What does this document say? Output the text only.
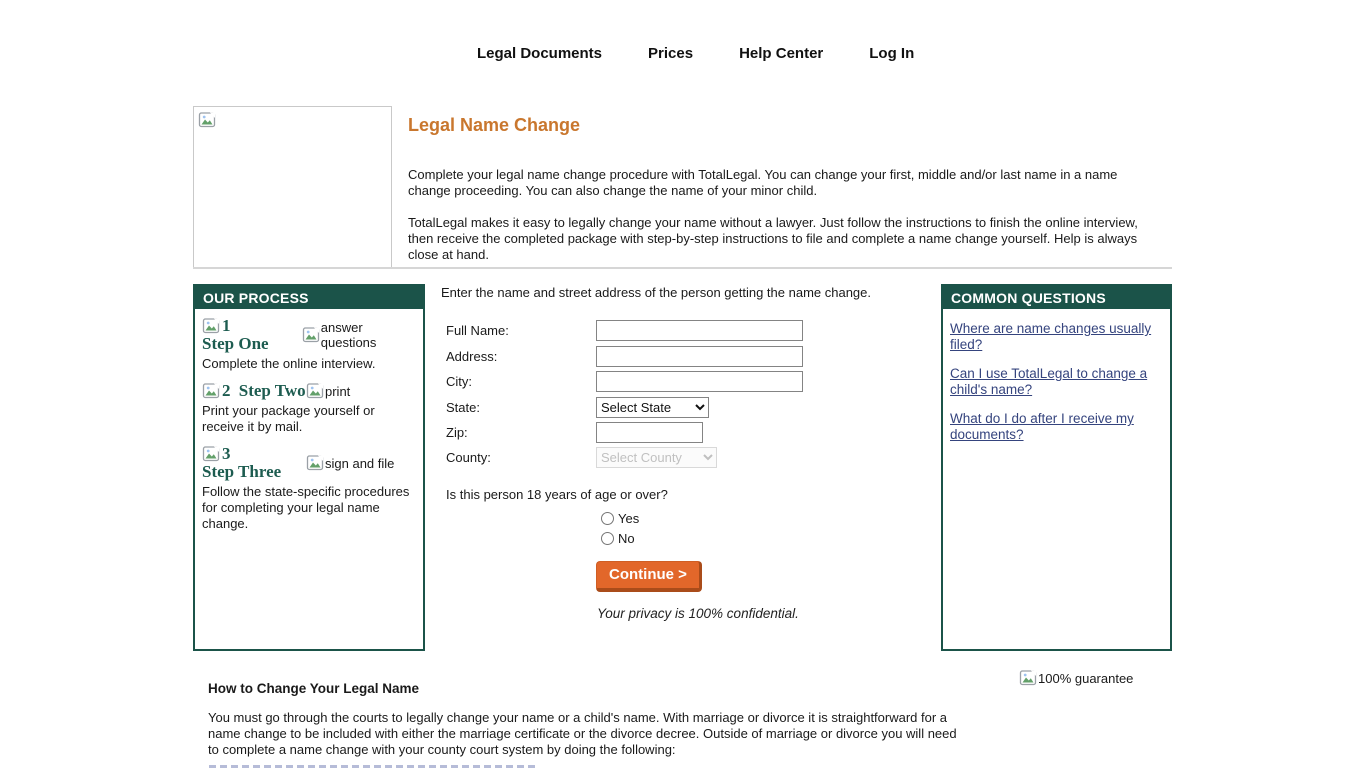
Legal Documents	Prices	Help Center	Log In
Legal Name Change
Complete your legal name change procedure with TotalLegal. You can change your first, middle and/or last name in a name change proceeding. You can also change the name of your minor child.
TotalLegal makes it easy to legally change your name without a lawyer. Just follow the instructions to finish the online interview, then receive the completed package with step-by-step instructions to file and complete a name change yourself. Help is always close at hand.
OUR PROCESS
1

Step One
answer questions
Complete the online interview.
2
Step Two print
Print your package yourself or receive it by mail.
3

Step Three	sign and file
Follow the state-specific procedures for completing your legal name change.
Enter the name and street address of the person getting the name change.
Full Name:
Address:
City:
State:
Select State
Zip:
County:
Select County
Is this person 18 years of age or over?
Yes
No
Continue >
Your privacy is 100% confidential.
COMMON QUESTIONS
Where are name changes usually filed?
Can I use TotalLegal to change a child's name?
What do I do after I receive my documents?
How to Change Your Legal Name
You must go through the courts to legally change your name or a child's name. With marriage or divorce it is straightforward for a name change to be included with either the marriage certificate or the divorce decree. Outside of marriage or divorce you will need to complete a name change with your county court system by doing the following:
100% guarantee
